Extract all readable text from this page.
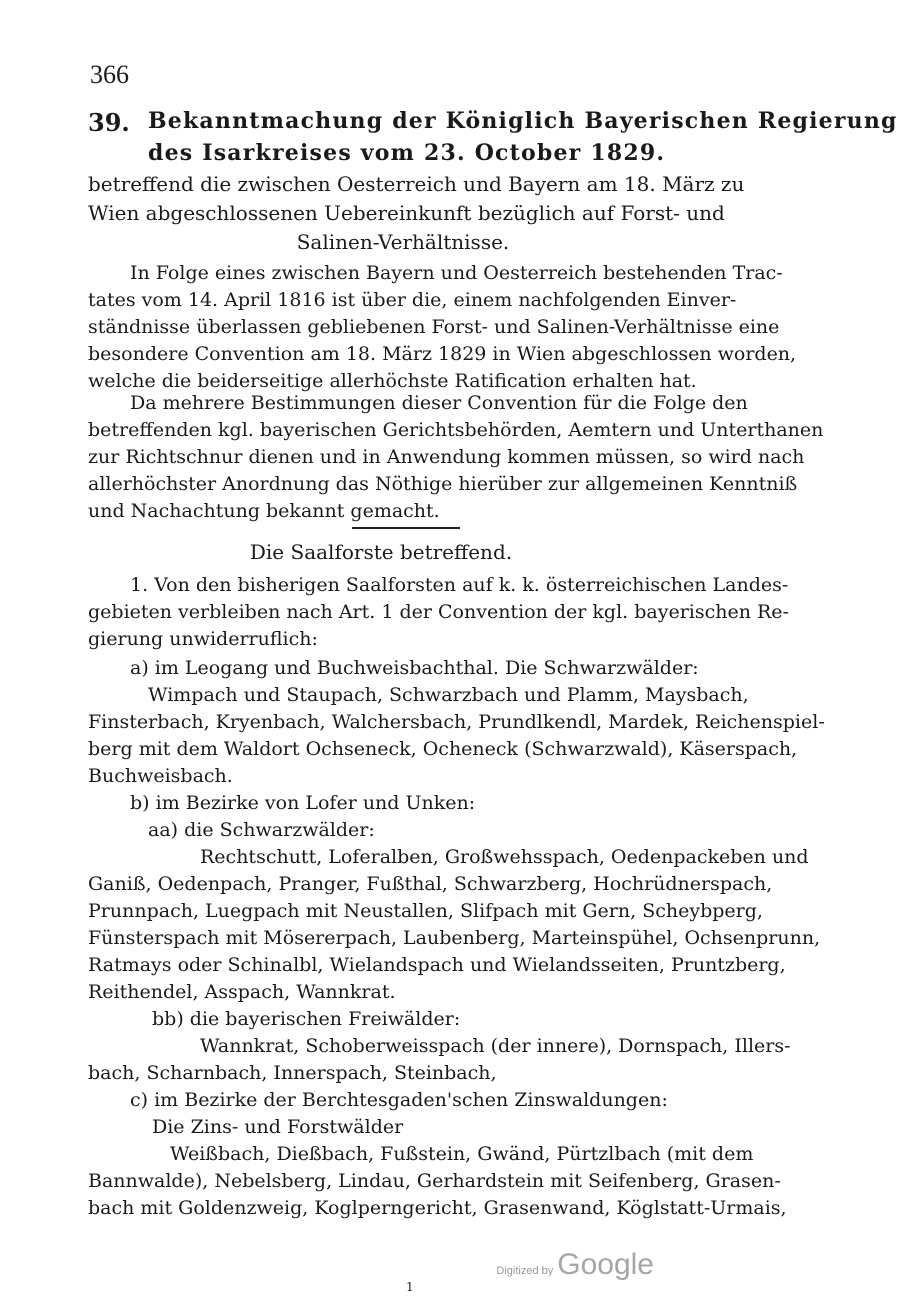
366
39. Bekanntmachung der Königlich Bayerischen Regierung
des Isarkreises vom 23. October 1829.
betreffend die zwischen Oesterreich und Bayern am 18. März zu
Wien abgeschlossenen Uebereinkunft bezüglich auf Forst- und
Salinen-Verhältnisse.
In Folge eines zwischen Bayern und Oesterreich bestehenden Trac-
tates vom 14. April 1816 ist über die, einem nachfolgenden Einver-
ständnisse überlassen gebliebenen Forst- und Salinen-Verhältnisse eine
besondere Convention am 18. März 1829 in Wien abgeschlossen worden,
welche die beiderseitige allerhöchste Ratification erhalten hat.
Da mehrere Bestimmungen dieser Convention für die Folge den
betreffenden kgl. bayerischen Gerichtsbehörden, Aemtern und Unterthanen
zur Richtschnur dienen und in Anwendung kommen müssen, so wird nach
allerhöchster Anordnung das Nöthige hierüber zur allgemeinen Kenntniß
und Nachachtung bekannt gemacht.
Die Saalforste betreffend.
1. Von den bisherigen Saalforsten auf k. k. österreichischen Landes-
gebieten verbleiben nach Art. 1 der Convention der kgl. bayerischen Re-
gierung unwiderruflich:
a) im Leogang und Buchweisbachthal. Die Schwarzwälder:
Wimpach und Staupach, Schwarzbach und Plamm, Maysbach,
Finsterbach, Kryenbach, Walchersbach, Prundlkendl, Mardek, Reichenspiel-
berg mit dem Waldort Ochseneck, Ocheneck (Schwarzwald), Käserspach,
Buchweisbach.
b) im Bezirke von Lofer und Unken:
aa) die Schwarzwälder:
Rechtschutt, Loferalben, Großwehsspach, Oedenpackeben und
Ganiß, Oedenpach, Pranger, Fußthal, Schwarzberg, Hochrüdnerspach,
Prunnpach, Luegpach mit Neustallen, Slifpach mit Gern, Scheybperg,
Fünsterspach mit Mösererpach, Laubenberg, Marteinspühel, Ochsenprunn,
Ratmays oder Schinalbl, Wielandspach und Wielandsseiten, Pruntzberg,
Reithendel, Asspach, Wannkrat.
bb) die bayerischen Freiwälder:
Wannkrat, Schoberweisspach (der innere), Dornspach, Illers-
bach, Scharnbach, Innerspach, Steinbach,
c) im Bezirke der Berchtesgaden'schen Zinswaldungen:
Die Zins- und Forstwälder
Weißbach, Dießbach, Fußstein, Gwänd, Pürtzlbach (mit dem
Bannwalde), Nebelsberg, Lindau, Gerhardstein mit Seifenberg, Grasen-
bach mit Goldenzweig, Koglperngericht, Grasenwand, Köglstatt-Urmais,
Digitized by Google
1
